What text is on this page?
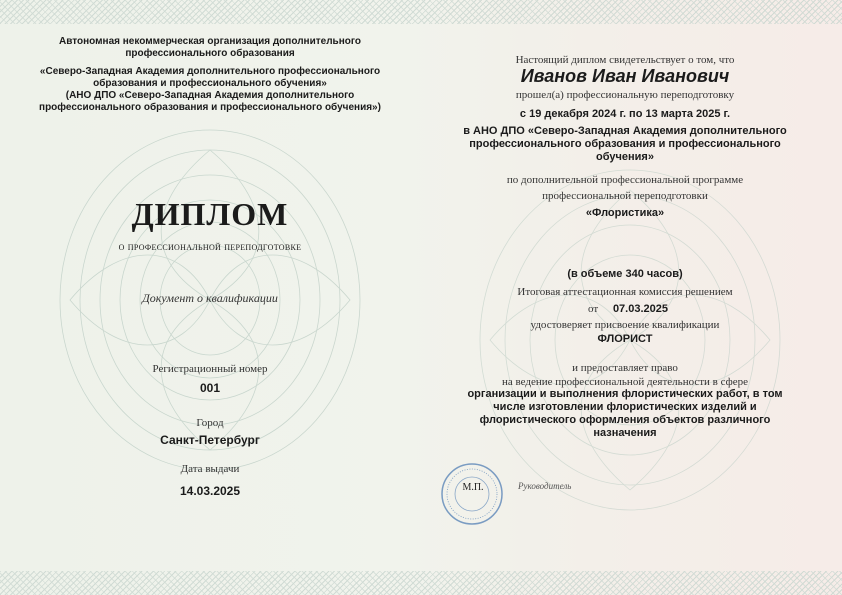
Автономная некоммерческая организация дополнительного
профессионального образования
«Северо-Западная Академия дополнительного профессионального
образования и профессионального обучения»
(АНО ДПО «Северо-Западная Академия дополнительного
профессионального образования и профессионального обучения»)
ДИПЛОМ
о профессиональной переподготовке
Документ о квалификации
Регистрационный номер
001
Город
Санкт-Петербург
Дата выдачи
14.03.2025
Настоящий диплом свидетельствует о том, что
Иванов Иван Иванович
прошел(а) профессиональную переподготовку
с 19 декабря 2024 г. по 13 марта 2025 г.
в АНО ДПО «Северо-Западная Академия дополнительного
профессионального образования и профессионального
обучения»
по дополнительной профессиональной программе
профессиональной переподготовки
«Флористика»
(в объеме 340 часов)
Итоговая аттестационная комиссия решением
от	07.03.2025
удостоверяет присвоение квалификации
ФЛОРИСТ
и предоставляет право
на ведение профессиональной деятельности в сфере
организации и выполнения флористических работ, в том
числе изготовлении флористических изделий и
флористического оформления объектов различного
назначения
М.П.	Руководитель
